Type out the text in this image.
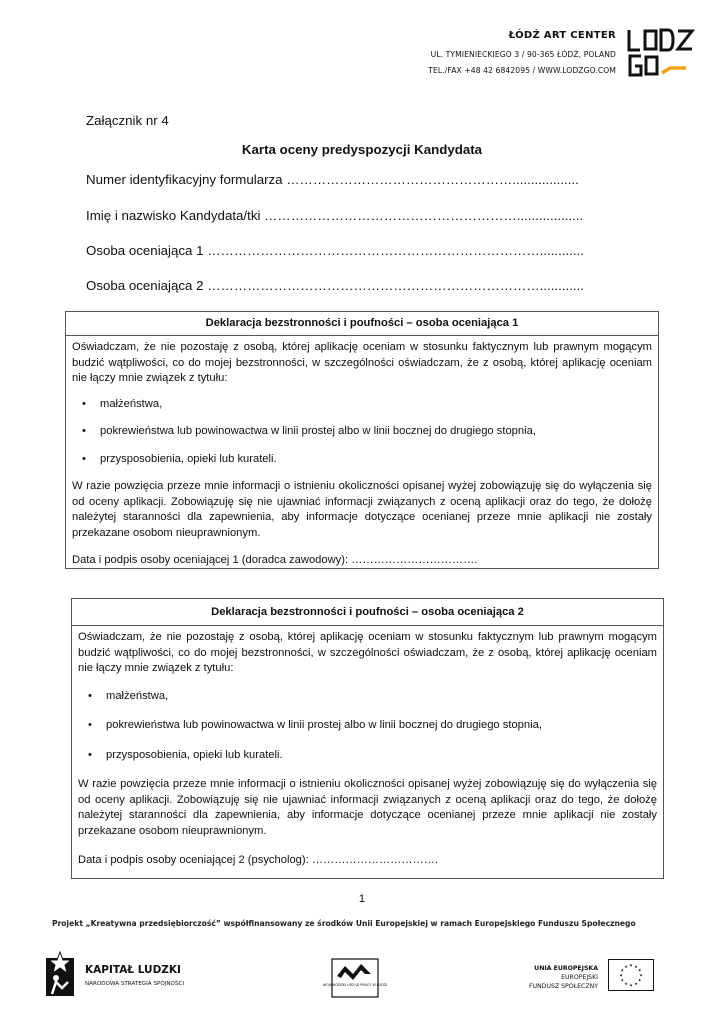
ŁÓDŹ ART CENTER
UL. TYMIENIECKIEGO 3 / 90-365 ŁÓDŹ, POLAND
TEL./FAX +48 42 6842095 / WWW.LODZGO.COM
LODZ GO
Załącznik nr 4
Karta oceny predyspozycji Kandydata
Numer identyfikacyjny formularza ……………………………………………..................
Imię i nazwisko Kandydata/tki …………………………………………………..................
Osoba oceniająca 1 …………………………………………………………………............
Osoba oceniająca 2 …………………………………………………………………............
Deklaracja bezstronności i poufności – osoba oceniająca 1

Oświadczam, że nie pozostaję z osobą, której aplikację oceniam w stosunku faktycznym lub prawnym mogącym budzić wątpliwości, co do mojej bezstronności, w szczególności oświadczam, że z osobą, której aplikację oceniam nie łączy mnie związek z tytułu:

• małżeństwa,
• pokrewieństwa lub powinowactwa w linii prostej albo w linii bocznej do drugiego stopnia,
• przysposobienia, opieki lub kurateli.

W razie powzięcia przeze mnie informacji o istnieniu okoliczności opisanej wyżej zobowiązuję się do wyłączenia się od oceny aplikacji. Zobowiązuję się nie ujawniać informacji związanych z oceną aplikacji oraz do tego, że dołożę należytej staranności dla zapewnienia, aby informacje dotyczące ocenianej przeze mnie aplikacji nie zostały przekazane osobom nieuprawnionym.

Data i podpis osoby oceniającej 1 (doradca zawodowy): …………………………….

Deklaracja bezstronności i poufności – osoba oceniająca 2

Oświadczam, że nie pozostaję z osobą, której aplikację oceniam w stosunku faktycznym lub prawnym mogącym budzić wątpliwości, co do mojej bezstronności, w szczególności oświadczam, że z osobą, której aplikację oceniam nie łączy mnie związek z tytułu:

• małżeństwa,
• pokrewieństwa lub powinowactwa w linii prostej albo w linii bocznej do drugiego stopnia,
• przysposobienia, opieki lub kurateli.

W razie powzięcia przeze mnie informacji o istnieniu okoliczności opisanej wyżej zobowiązuję się do wyłączenia się od oceny aplikacji. Zobowiązuję się nie ujawniać informacji związanych z oceną aplikacji oraz do tego, że dołożę należytej staranności dla zapewnienia, aby informacje dotyczące ocenianej przeze mnie aplikacji nie zostały przekazane osobom nieuprawnionym.

Data i podpis osoby oceniającej 2 (psycholog): …………………………….

1
Projekt „Kreatywna przedsiębiorczość” współfinansowany ze środków Unii Europejskiej w ramach Europejskiego Funduszu Społecznego
KAPITAŁ LUDZKI
NARODOWA STRATEGIA SPÓJNOŚCI	WOJEWÓDZKI URZĄD PRACY W ŁODZI
UNIA EUROPEJSKA
EUROPEJSKI
FUNDUSZ SPOŁECZNY
★
★
★
★
★
★
★
★
★ ★ ★
★
